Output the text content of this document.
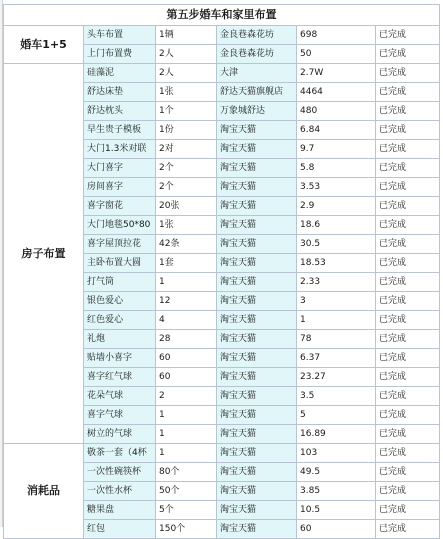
第五步婚车和家里布置					
婚车1+5	头车布置	1辆	金良巷森花坊	698	已完成
	上门布置费	2人	金良巷森花坊	50	已完成
房子布置	硅藻泥	2人	大津	2.7W	已完成
	舒达床垫	1张	舒达天猫旗舰店	4464	已完成
	舒达枕头	1个	万象城舒达	480	已完成
	早生贵子模板	1份	淘宝天猫	6.84	已完成
	大门1.3米对联	2对	淘宝天猫	9.7	已完成
	大门喜字	2个	淘宝天猫	5.8	已完成
	房间喜字	2个	淘宝天猫	3.53	已完成
	喜字窗花	20张	淘宝天猫	2.9	已完成
	大门地毯50*80	1张	淘宝天猫	18.6	已完成
	喜字屋顶拉花	42条	淘宝天猫	30.5	已完成
	主卧布置大圆	1套	淘宝天猫	18.53	已完成
	打气筒	1	淘宝天猫	2.33	已完成
	银色爱心	12	淘宝天猫	3	已完成
	红色爱心	4	淘宝天猫	1	已完成
	礼炮	28	淘宝天猫	78	已完成
	贴墙小喜字	60	淘宝天猫	6.37	已完成
	喜字红气球	60	淘宝天猫	23.27	已完成
	花朵气球	2	淘宝天猫	3.5	已完成
	喜字气球	1	淘宝天猫	5	已完成
	树立的气球	1	淘宝天猫	16.89	已完成
消耗品	敬茶一套（4杯	1	淘宝天猫	103	已完成
	一次性碗筷杯	80个	淘宝天猫	49.5	已完成
	一次性水杯	50个	淘宝天猫	3.85	已完成
	糖果盘	5个	淘宝天猫	10.5	已完成
	红包	150个	淘宝天猫	60	已完成
